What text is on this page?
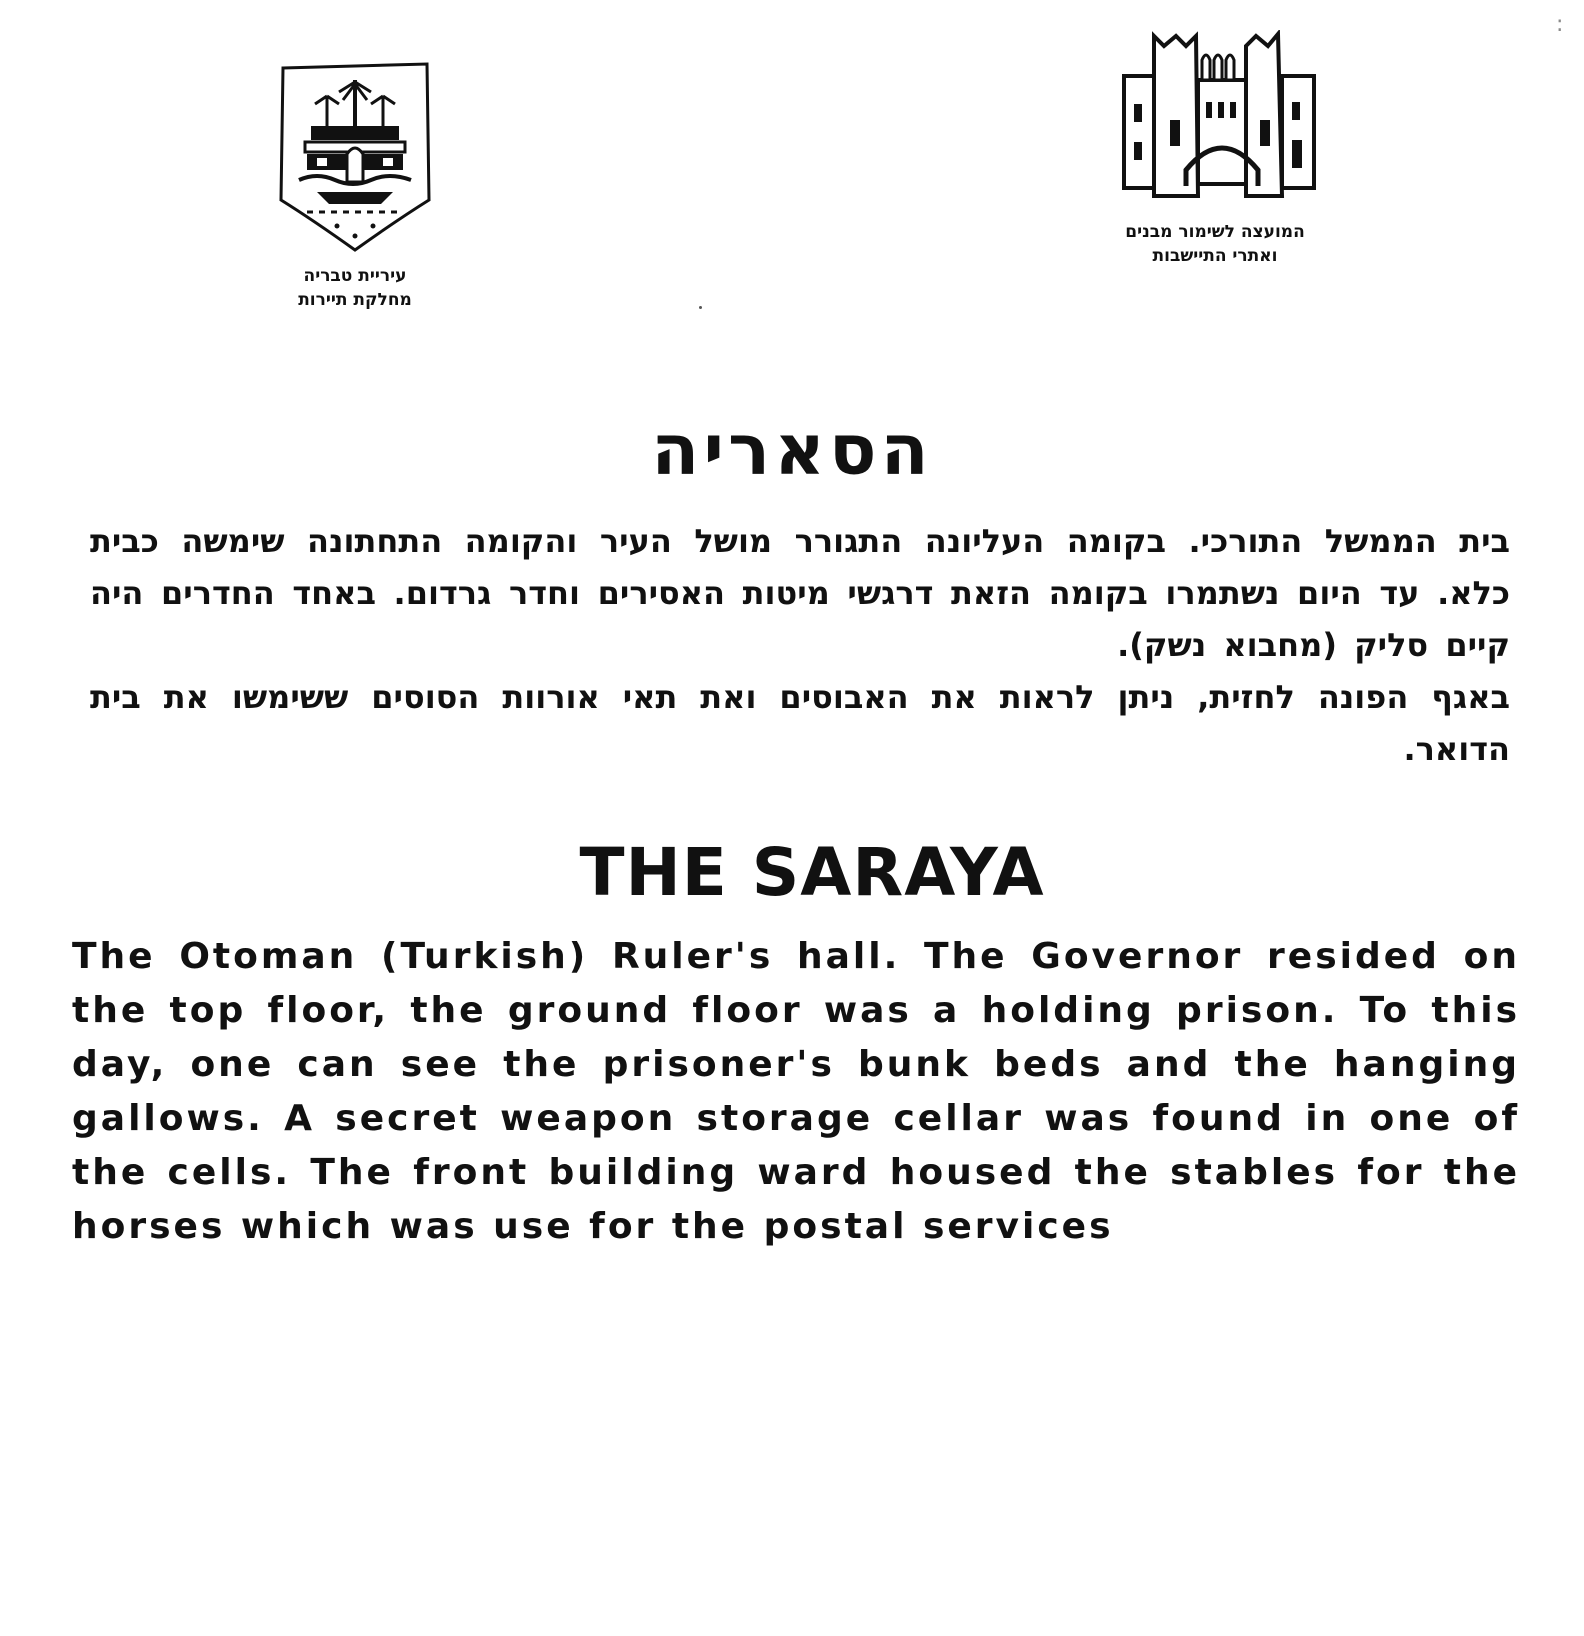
עיריית טבריה
מחלקת תיירות
המועצה לשימור מבנים
ואתרי התיישבות
:
הסאריה

בית הממשל התורכי. בקומה העליונה התגורר מושל העיר והקומה התחתונה שימשה כבית כלא. עד היום נשתמרו בקומה הזאת דרגשי מיטות האסירים וחדר גרדום. באחד החדרים היה קיים סליק (מחבוא נשק).

באגף הפונה לחזית, ניתן לראות את האבוסים ואת תאי אורוות הסוסים ששימשו את בית הדואר.

THE SARAYA

The Otoman (Turkish) Ruler's hall. The Governor resided on the top floor, the ground floor was a holding prison. To this day, one can see the prisoner's bunk beds and the hanging gallows. A secret weapon storage cellar was found in one of the cells. The front building ward housed the stables for the horses which was use for the postal services
